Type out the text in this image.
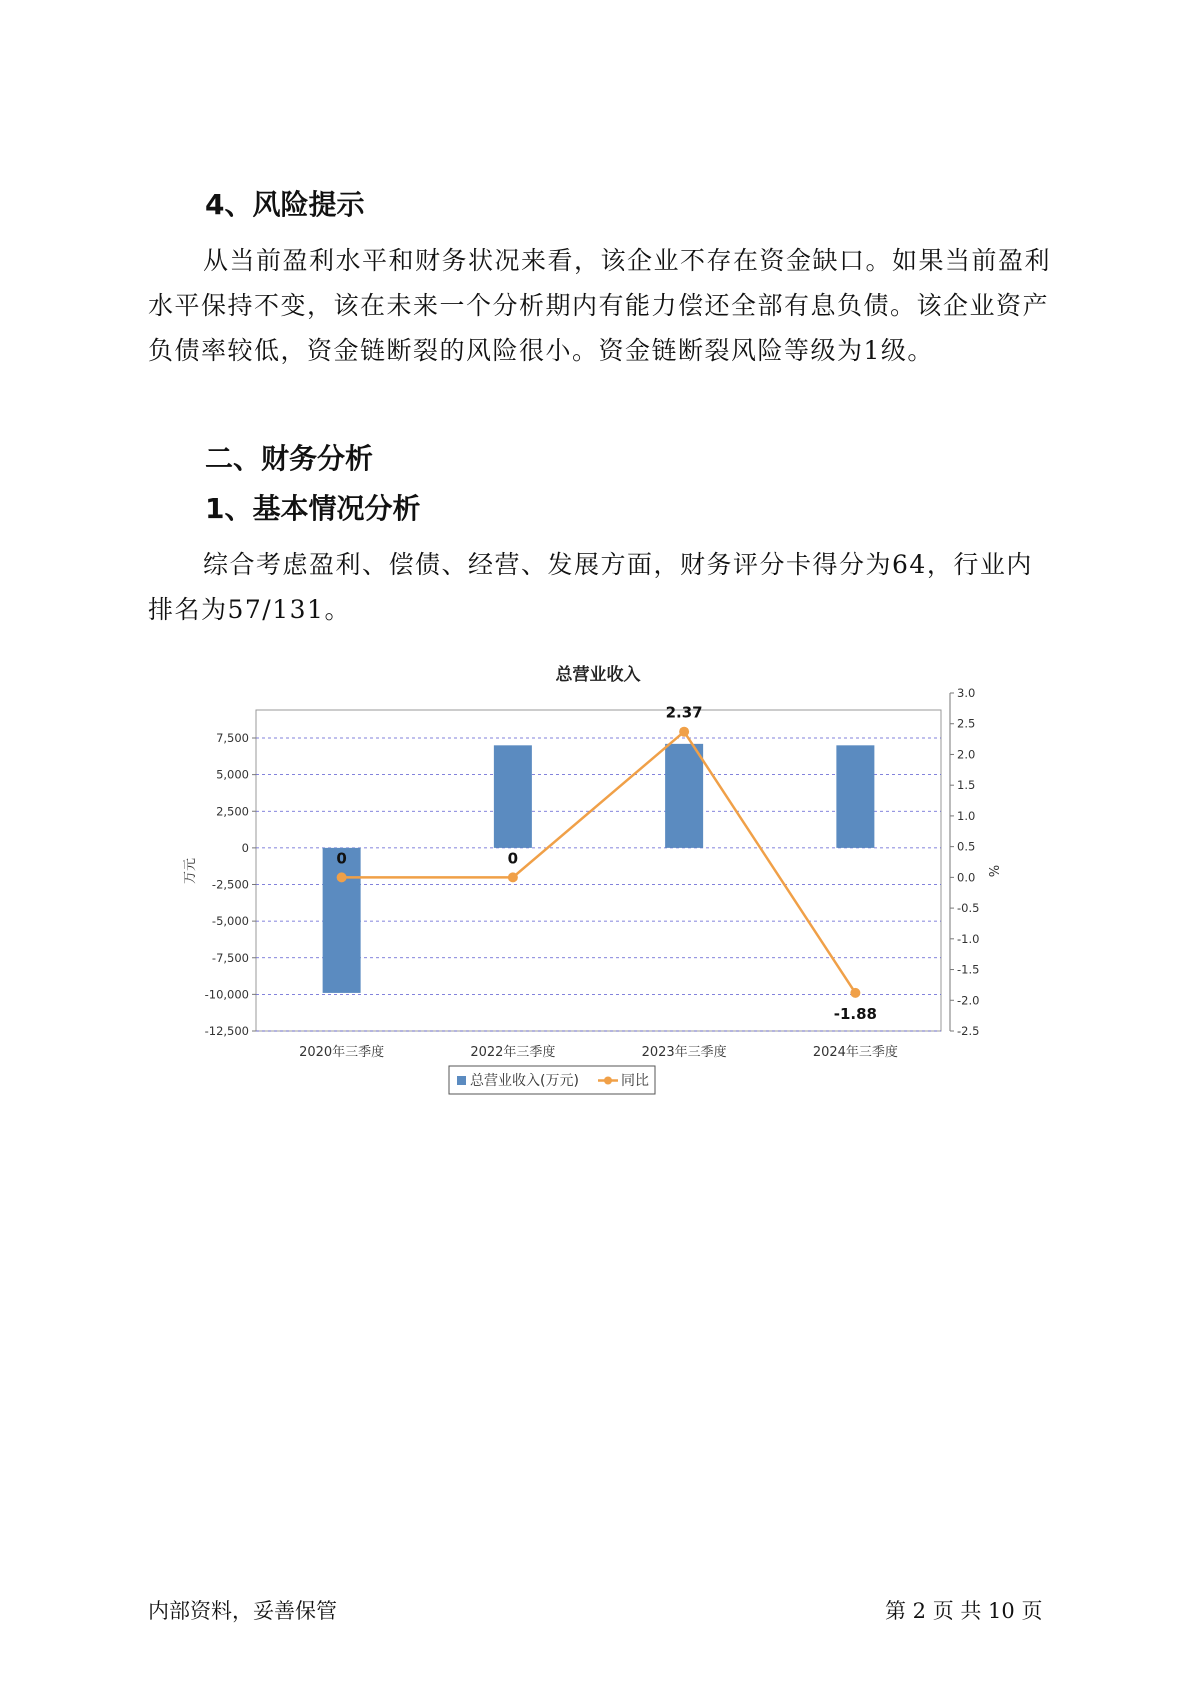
4、风险提示

从当前盈利水平和财务状况来看，该企业不存在资金缺口。如果当前盈利水平保持不变，该在未来一个分析期内有能力偿还全部有息负债。该企业资产负债率较低，资金链断裂的风险很小。资金链断裂风险等级为1级。

二、财务分析
1、基本情况分析

综合考虑盈利、偿债、经营、发展方面，财务评分卡得分为64，行业内排名为57/131。

总营业收入
7,500
5,000
2,500
0
-2,500
-5,000
-7,500
-10,000
-12,500
3.0
2.5
2.0
1.5
1.0
0.5
0.0
-0.5
-1.0
-1.5
-2.0
-2.5
0	0
2.37
-1.88
2020年三季度	2022年三季度	2023年三季度	2024年三季度
万元	%
总营业收入(万元)	同比
内部资料，妥善保管	第 2 页 共 10 页
